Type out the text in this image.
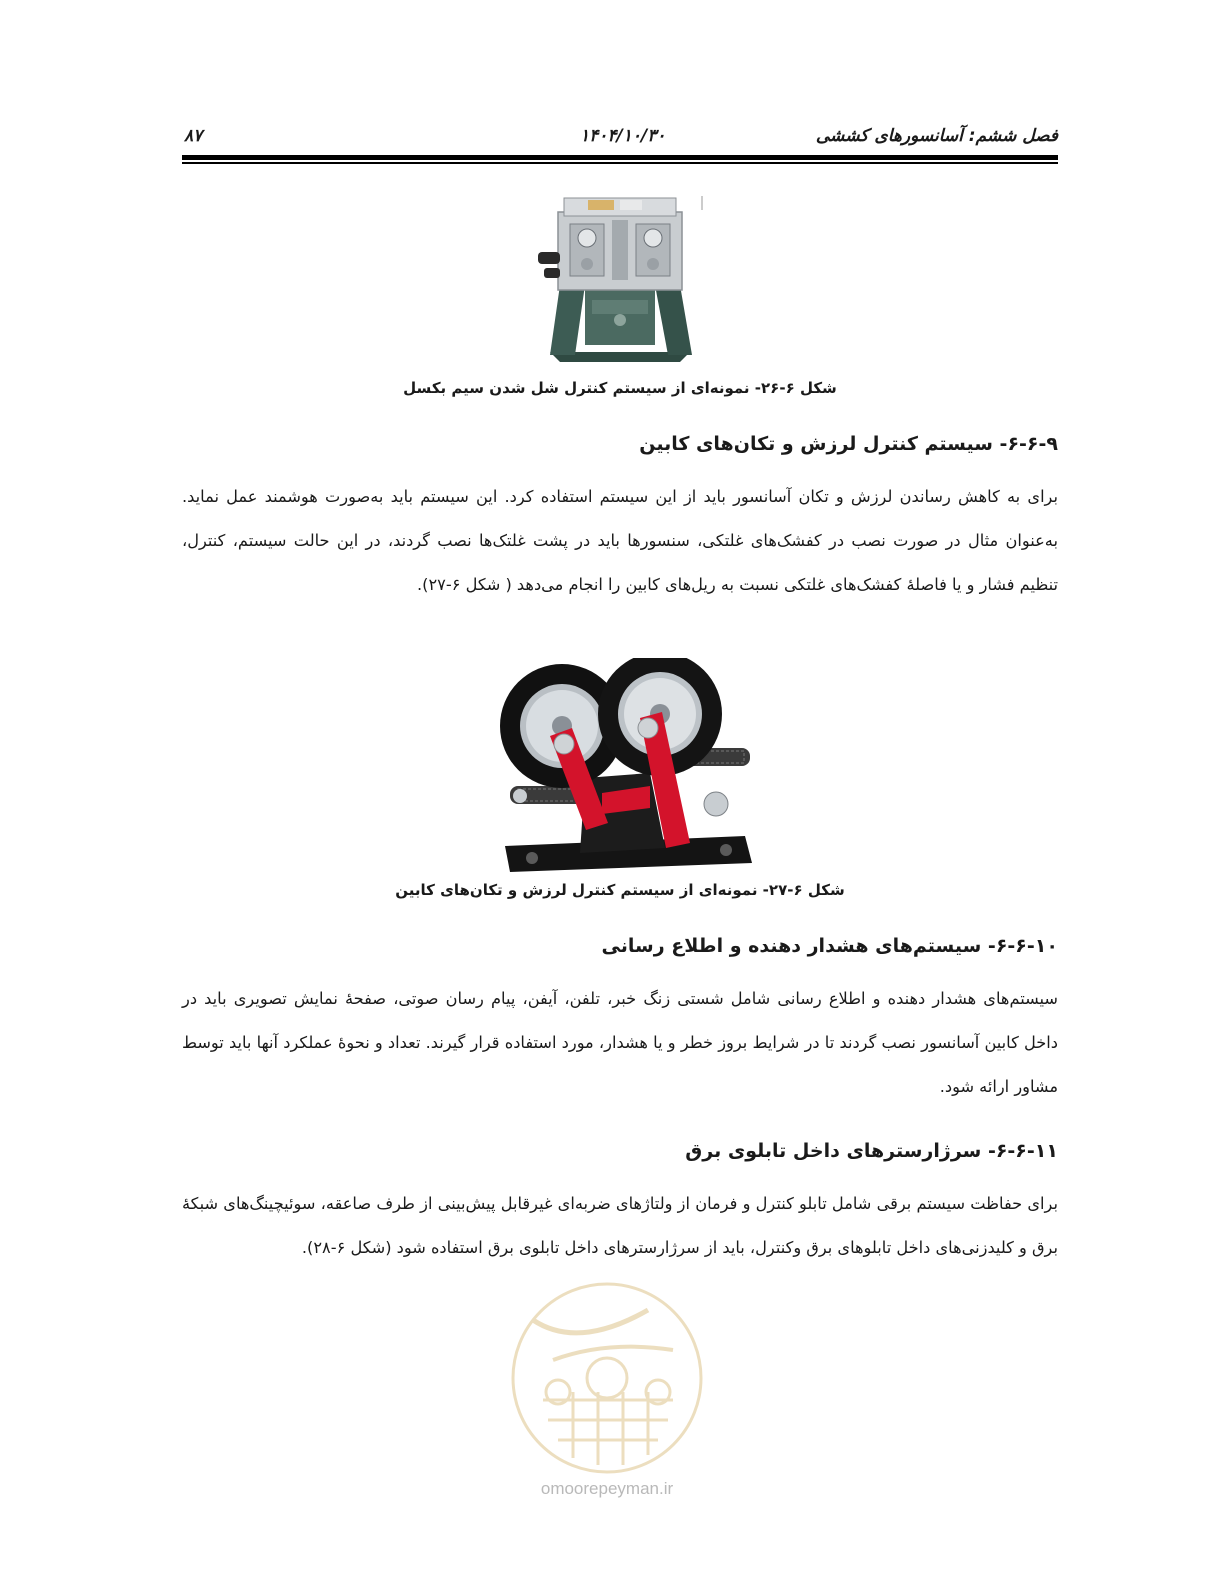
فصل ششم: آسانسورهای کششی
۱۴۰۴/۱۰/۳۰
۸۷
شکل ۶-۲۶- نمونه‌ای از سیستم کنترل شل شدن سیم بکسل
۶-۶-۹- سیستم کنترل لرزش و تکان‌های کابین

برای به کاهش رساندن لرزش و تکان آسانسور باید از این سیستم استفاده کرد. این سیستم باید به‌صورت هوشمند عمل نماید. به‌عنوان مثال در صورت نصب در کفشک‌های غلتکی، سنسورها باید در پشت غلتک‌ها نصب گردند، در این حالت سیستم، کنترل، تنظیم فشار و یا فاصلهٔ کفشک‌های غلتکی نسبت به ریل‌های کابین را انجام می‌دهد ( شکل ۶-۲۷).

شکل ۶-۲۷- نمونه‌ای از سیستم کنترل لرزش و تکان‌های کابین
۶-۶-۱۰- سیستم‌های هشدار دهنده و اطلاع رسانی

سیستم‌های هشدار دهنده و اطلاع رسانی شامل شستی زنگ خبر، تلفن، آیفن، پیام رسان صوتی، صفحهٔ نمایش تصویری باید در داخل کابین آسانسور نصب گردند تا در شرایط بروز خطر و یا هشدار، مورد استفاده قرار گیرند. تعداد و نحوهٔ عملکرد آنها باید توسط مشاور ارائه شود.

۶-۶-۱۱- سرژارسترهای داخل تابلوی برق

برای حفاظت سیستم برقی شامل تابلو کنترل و فرمان از ولتاژهای ضربه‌ای غیرقابل پیش‌بینی از طرف صاعقه، سوئیچینگ‌های شبکهٔ برق و کلیدزنی‌های داخل تابلوهای برق وکنترل، باید از سرژارسترهای داخل تابلوی برق استفاده شود (شکل ۶-۲۸).

omoorepeyman.ir
